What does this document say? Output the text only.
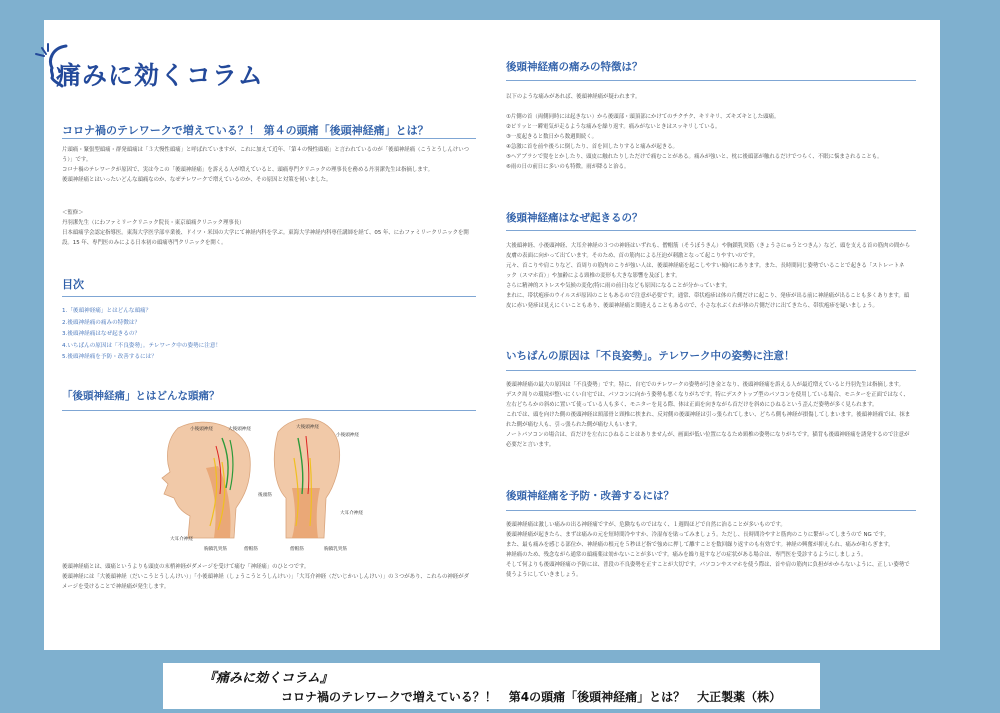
痛みに効くコラム
コロナ禍のテレワークで増えている？！ 第４の頭痛「後頭神経痛」とは？

片頭痛・緊張型頭痛・群発頭痛は「３大慢性頭痛」と呼ばれていますが、これに加えて近年、「第４の慢性頭痛」と言われているのが「後頭神経痛（こうとうしんけいつ

う）」です。

コロナ禍のテレワークが原因で、実は今この「後頭神経痛」を訴える人が増えていると、頭痛専門クリニックの理事長を務める丹羽潔先生は指摘します。

後頭神経痛とはいったいどんな頭痛なのか、なぜテレワークで増えているのか、その原因と対策を伺いました。

＜監修＞

丹羽潔先生（にわファミリークリニック院長・東京頭痛クリニック理事長）

日本頭痛学会認定指導医。東海大学医学部卒業後、ドイツ・米国の大学にて神経内科を学ぶ。東海大学神経内科専任講師を経て、05 年、にわファミリークリニックを開

設。15 年、専門医のみによる日本初の頭痛専門クリニックを開く。

目次
1.「後頭神経痛」とはどんな頭痛？
2.後頭神経痛の痛みの特徴は？
3.後頭神経痛はなぜ起きるの？
4.いちばんの原因は「不良姿勢」。テレワーク中の姿勢に注意！
5.後頭神経痛を予防・改善するには？
「後頭神経痛」とはどんな頭痛？
小後頭神経	大後頭神経
後頭筋
大耳介神経
胸鎖乳突筋	僧帽筋
大後頭神経
小後頭神経
大耳介神経
僧帽筋	胸鎖乳突筋

後頭神経痛とは、頭痛というよりも頭皮の末梢神経がダメージを受けて痛む「神経痛」のひとつです。

後頭神経には「大後頭神経（だいこうとうしんけい）」「小後頭神経（しょうこうとうしんけい）」「大耳介神経（だいじかいしんけい）」の３つがあり、これらの神経がダ

メージを受けることで神経痛が発生します。

後頭神経痛の痛みの特徴は？

以下のような痛みがあれば、後頭神経痛が疑われます。

①片側の首（両側同時には起きない）から後頭部・頭頂部にかけてのチクチク、キリキリ、ズキズキとした頭痛。

②ビリッと一瞬電気が走るような痛みを繰り返す。痛みがないときはスッキリしている。

③一度起きると数日から数週間続く。

④急激に首を前や後ろに倒したり、首を回したりすると痛みが起きる。

⑤ヘアブラシで髪をとかしたり、頭皮に触れたりしただけで痛むことがある。痛みが強いと、枕に後頭部が触れるだけでつらく、不眠に悩まされることも。

⑥雨の日の前日に多いのも特徴。雨が降ると治る。

後頭神経痛はなぜ起きるの？

大後頭神経、小後頭神経、大耳介神経の３つの神経はいずれも、僧帽筋（そうぼうきん）や胸鎖乳突筋（きょうさにゅうとつきん）など、頭を支える首の筋肉の間から

皮膚の表面に向かって出ています。そのため、首の筋肉による圧迫が刺激となって起こりやすいのです。

元々、首こりや肩こりなど、首周りの筋肉のこりが強い人は、後頭神経痛を起こしやすい傾向にあります。また、長時間同じ姿勢でいることで起きる「ストレートネ

ック（スマホ首）」や加齢による頸椎の変形も大きな影響を及ぼします。

さらに精神的ストレスや気候の変化(特に雨の前日)なども原因になることが分かっています。

まれに、帯状疱疹のウイルスが原因のこともあるので注意が必要です。通常、帯状疱疹は体の片側だけに起こり、発疹が出る前に神経痛が出ることも多くあります。頭

皮に赤い発疹は見えにくいこともあり、後頭神経痛と間違えることもあるので、小さな水ぶくれが体の片側だけに出てきたら、帯状疱疹を疑いましょう。

いちばんの原因は「不良姿勢」。テレワーク中の姿勢に注意！

後頭神経痛の最大の原因は「不良姿勢」です。特に、自宅でのテレワークの姿勢が引き金となり、後頭神経痛を訴える人が最近増えていると丹羽先生は指摘します。

デスク周りの環境が整いにくい自宅では、パソコンに向かう姿勢も悪くなりがちです。特にデスクトップ型のパソコンを使用している場合、モニターを正面ではなく、

左右どちらかの斜めに置いて使っている人も多く、モニターを見る際、体は正面を向きながら首だけを斜めにひねるという歪んだ姿勢が多く見られます。

これでは、頭を向けた側の後頭神経は頸部骨と頸椎に挟まれ、反対側の後頭神経は引っ張られてしまい、どちら側も神経が損傷してしまいます。後頭神経痛では、抹ま

れた側が痛む人も、引っ張られた側が痛む人もいます。

ノートパソコンの場合は、首だけを左右にひねることはありませんが、画面が低い位置になるため頸椎の姿勢になりがちです。猫背も後頭神経痛を誘発するので注意が

必要だと言います。

後頭神経痛を予防・改善するには？

後頭神経痛は激しい痛みの出る神経痛ですが、危険なものではなく、１週間ほどで自然に治ることが多いものです。

後頭神経痛が起きたら、まずは痛みの元を短時間冷やすか、冷湿布を貼ってみましょう。ただし、長時間冷やすと筋肉のこりに繋がってしまうので NG です。

また、最も痛みを感じる部位か、神経痛の根元を５秒ほど指で強めに押して離すことを数回繰り返すのも有効です。神経の興奮が抑えられ、痛みが和らぎます。

神経痛のため、残念ながら通常の頭痛薬は効かないことが多いです。痛みを繰り返すなどの症状がある場合は、専門医を受診するようにしましょう。

そして何よりも後頭神経痛の予防には、普段の不良姿勢を正すことが大切です。パソコンやスマホを使う際は、首や肩の筋肉に負担がかからないように、正しい姿勢で

使うようにしていきましょう。

『痛みに効くコラム』
コロナ禍のテレワークで増えている？！　第4の頭痛「後頭神経痛」とは？　大正製薬（株）
